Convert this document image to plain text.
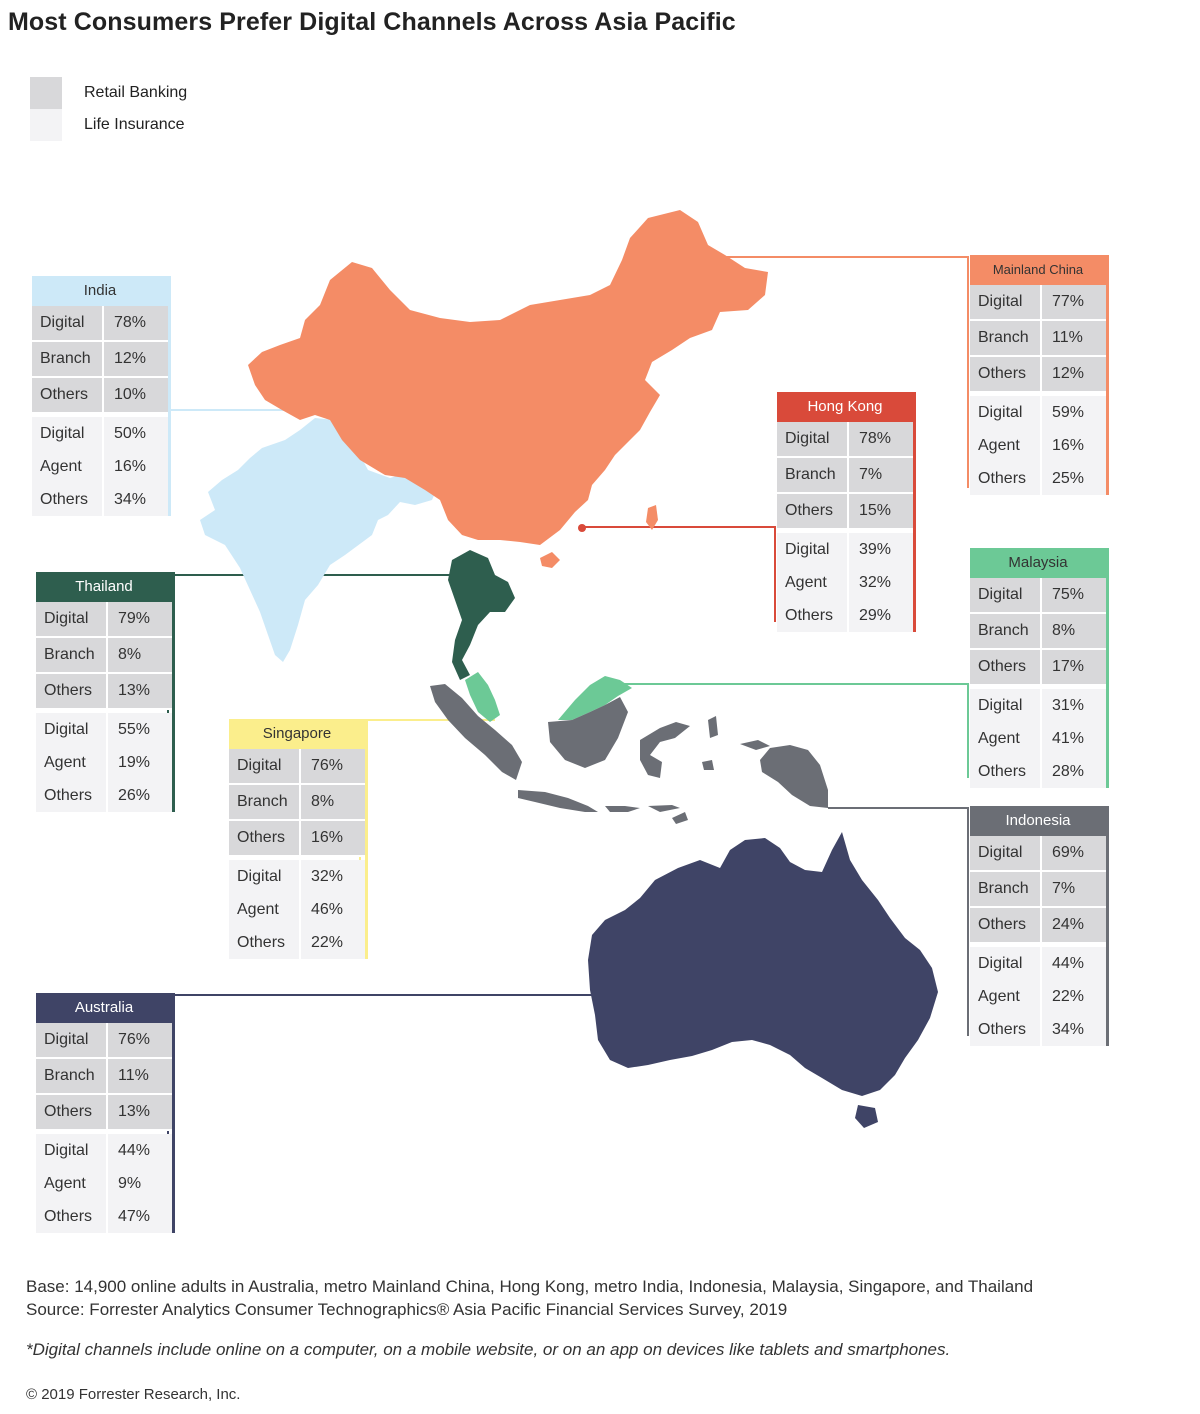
Most Consumers Prefer Digital Channels Across Asia Pacific
Retail Banking
Life Insurance
India
Digital	78%
Branch	12%
Others	10%
Digital	50%
Agent	16%
Others	34%
Thailand
Digital	79%
Branch	8%
Others	13%
Digital	55%
Agent	19%
Others	26%
Singapore
Digital	76%
Branch	8%
Others	16%
Digital	32%
Agent	46%
Others	22%
Australia
Digital	76%
Branch	11%
Others	13%
Digital	44%
Agent	9%
Others	47%
Hong Kong
Digital	78%
Branch	7%
Others	15%
Digital	39%
Agent	32%
Others	29%
Mainland China
Digital	77%
Branch	11%
Others	12%
Digital	59%
Agent	16%
Others	25%
Malaysia
Digital	75%
Branch	8%
Others	17%
Digital	31%
Agent	41%
Others	28%
Indonesia
Digital	69%
Branch	7%
Others	24%
Digital	44%
Agent	22%
Others	34%
Base: 14,900 online adults in Australia, metro Mainland China, Hong Kong, metro India, Indonesia, Malaysia, Singapore, and Thailand
Source: Forrester Analytics Consumer Technographics® Asia Pacific Financial Services Survey, 2019
*Digital channels include online on a computer, on a mobile website, or on an app on devices like tablets and smartphones.
© 2019 Forrester Research, Inc.
